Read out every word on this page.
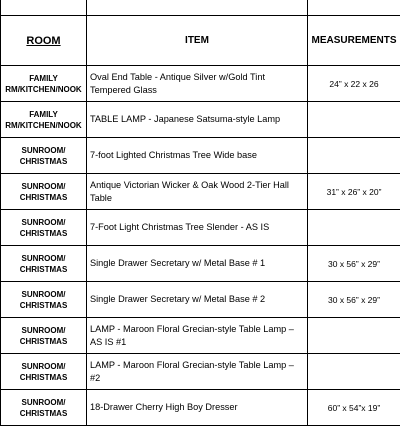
ROOM	ITEM	MEASUREMENTS

FAMILY
RM/KITCHEN/NOOK	Oval End Table - Antique Silver w/Gold Tint Tempered Glass	24” x 22 x 26

FAMILY
RM/KITCHEN/NOOK	TABLE LAMP - Japanese Satsuma-style Lamp	

SUNROOM/
CHRISTMAS	7-foot Lighted Christmas Tree Wide base	

SUNROOM/
CHRISTMAS	Antique Victorian Wicker & Oak Wood 2-Tier Hall Table	31” x 26” x 20”

SUNROOM/
CHRISTMAS	7-Foot Light Christmas Tree Slender - AS IS	

SUNROOM/
CHRISTMAS	Single Drawer Secretary w/ Metal Base # 1	30 x 56” x 29”

SUNROOM/
CHRISTMAS	Single Drawer Secretary w/ Metal Base # 2	30 x 56” x 29”

SUNROOM/
CHRISTMAS	LAMP - Maroon Floral Grecian-style Table Lamp – AS IS #1	

SUNROOM/
CHRISTMAS	LAMP - Maroon Floral Grecian-style Table Lamp – #2	

SUNROOM/
CHRISTMAS	18-Drawer Cherry High Boy Dresser	60” x 54”x 19”
